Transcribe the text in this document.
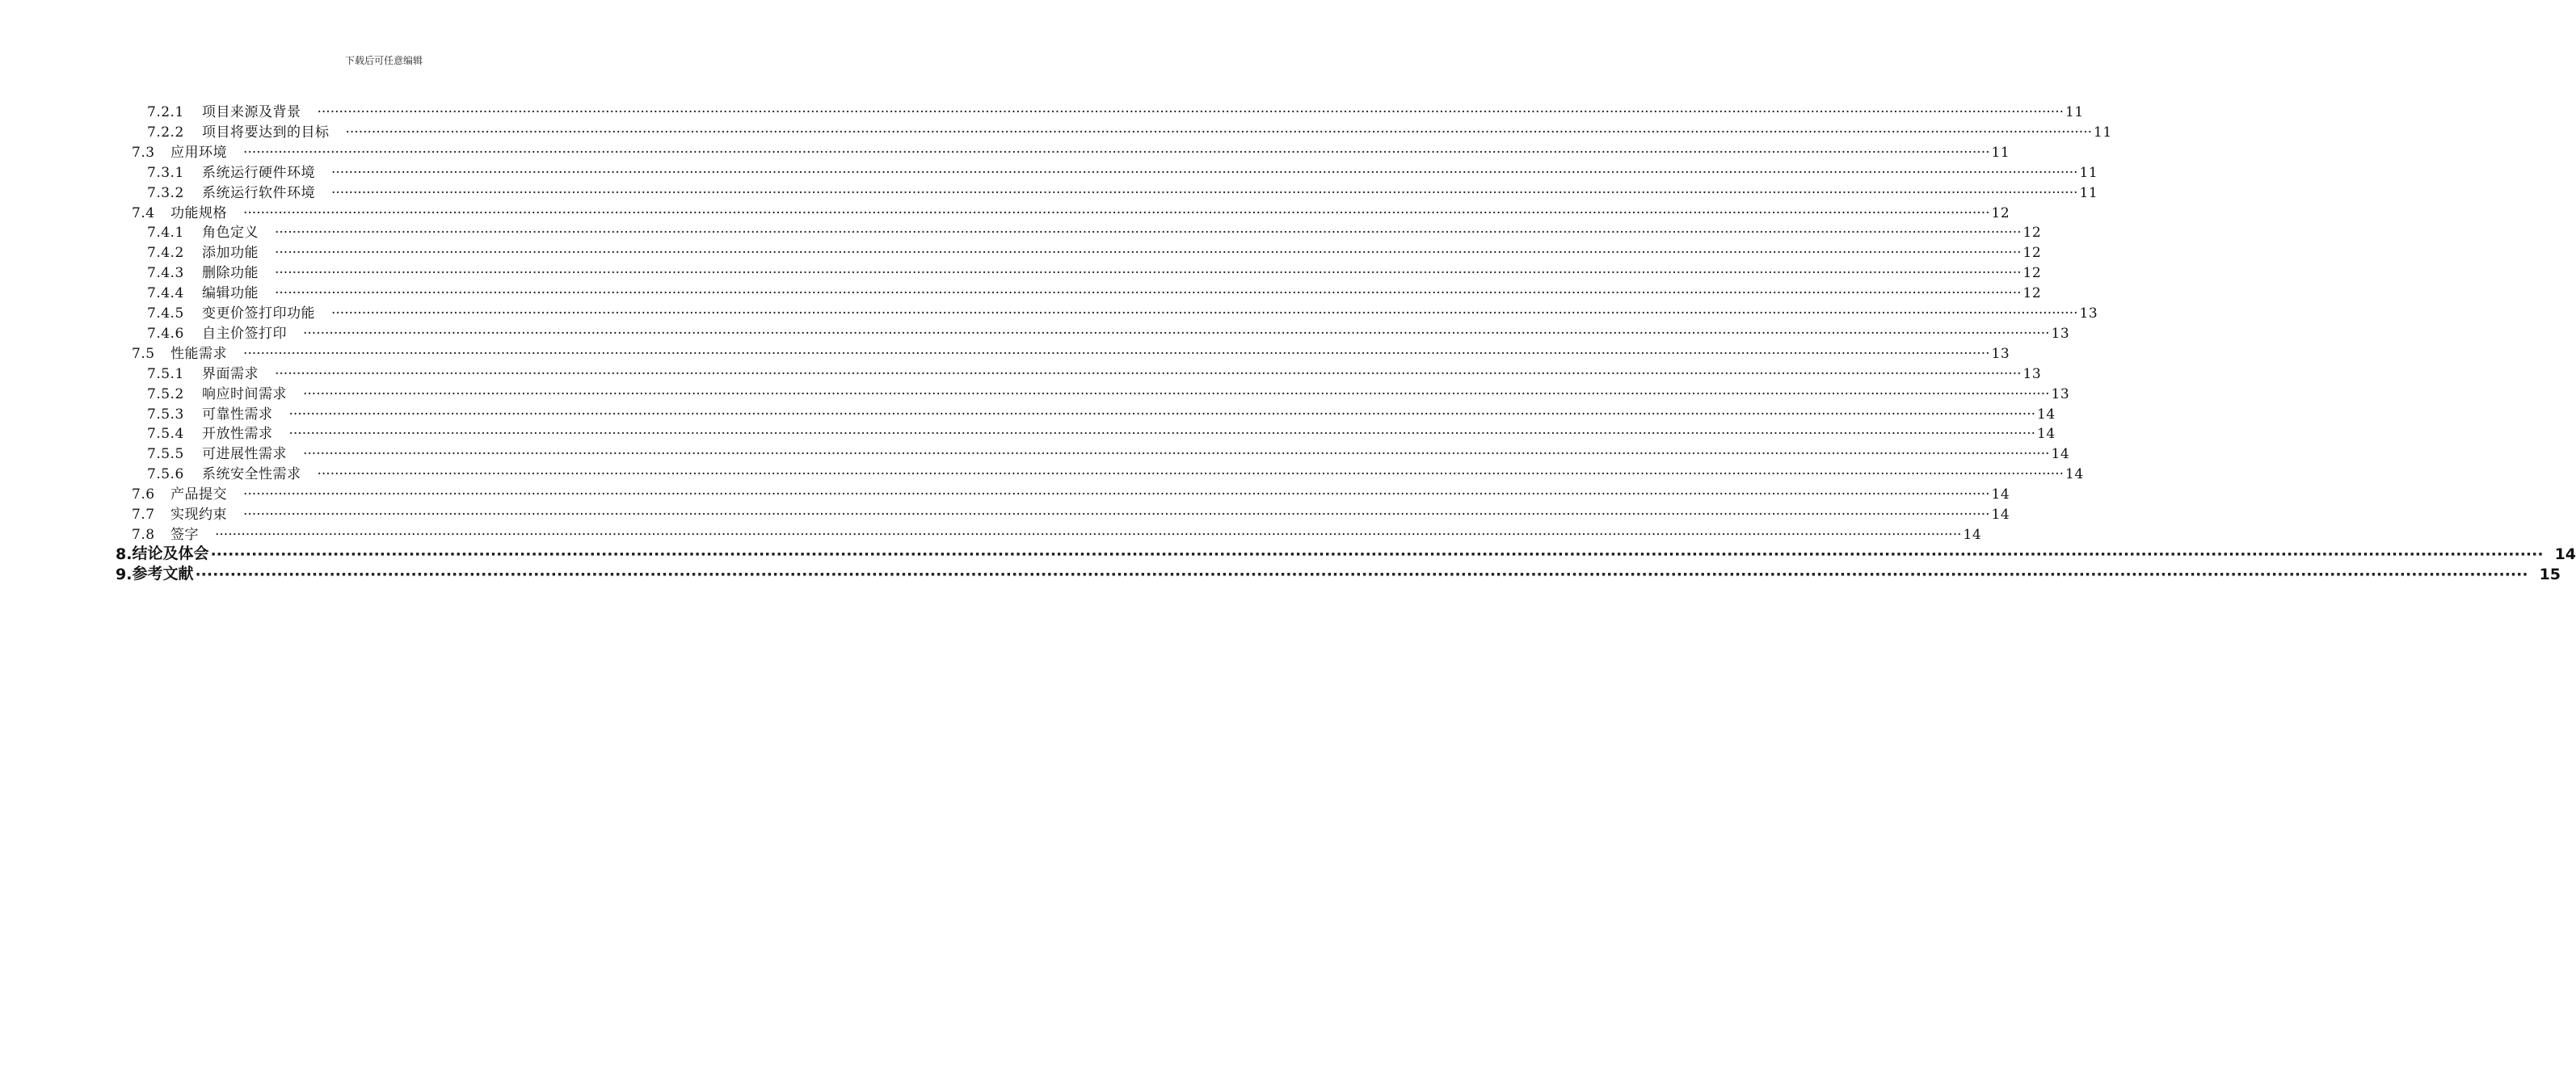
下载后可任意编辑
7.2.1	项目来源及背景 ················································································································································································································································································································································································································ 11
7.2.2	项目将要达到的目标 ················································································································································································································································································································································································································ 11
7.3	应用环境 ················································································································································································································································································································································································································ 11
7.3.1	系统运行硬件环境 ················································································································································································································································································································································································································ 11
7.3.2	系统运行软件环境 ················································································································································································································································································································································································································ 11
7.4	功能规格 ················································································································································································································································································································································································································ 12
7.4.1	角色定义 ················································································································································································································································································································································································································ 12
7.4.2	添加功能 ················································································································································································································································································································································································································ 12
7.4.3	删除功能 ················································································································································································································································································································································································································ 12
7.4.4	编辑功能 ················································································································································································································································································································································································································ 12
7.4.5	变更价签打印功能 ················································································································································································································································································································································································································ 13
7.4.6	自主价签打印 ················································································································································································································································································································································································································ 13
7.5	性能需求 ················································································································································································································································································································································································································ 13
7.5.1	界面需求 ················································································································································································································································································································································································································ 13
7.5.2	响应时间需求 ················································································································································································································································································································································································································ 13
7.5.3	可靠性需求 ················································································································································································································································································································································································································ 14
7.5.4	开放性需求 ················································································································································································································································································································································································································ 14
7.5.5	可进展性需求 ················································································································································································································································································································································································································ 14
7.5.6	系统安全性需求 ················································································································································································································································································································································································································ 14
7.6	产品提交 ················································································································································································································································································································································································································ 14
7.7	实现约束 ················································································································································································································································································································································································································ 14
7.8	签字 ················································································································································································································································································································································································································ 14
8. 结论及体会 ················································································································································································································································································································································································································ 14
9. 参考文献 ················································································································································································································································································································································································································ 15
